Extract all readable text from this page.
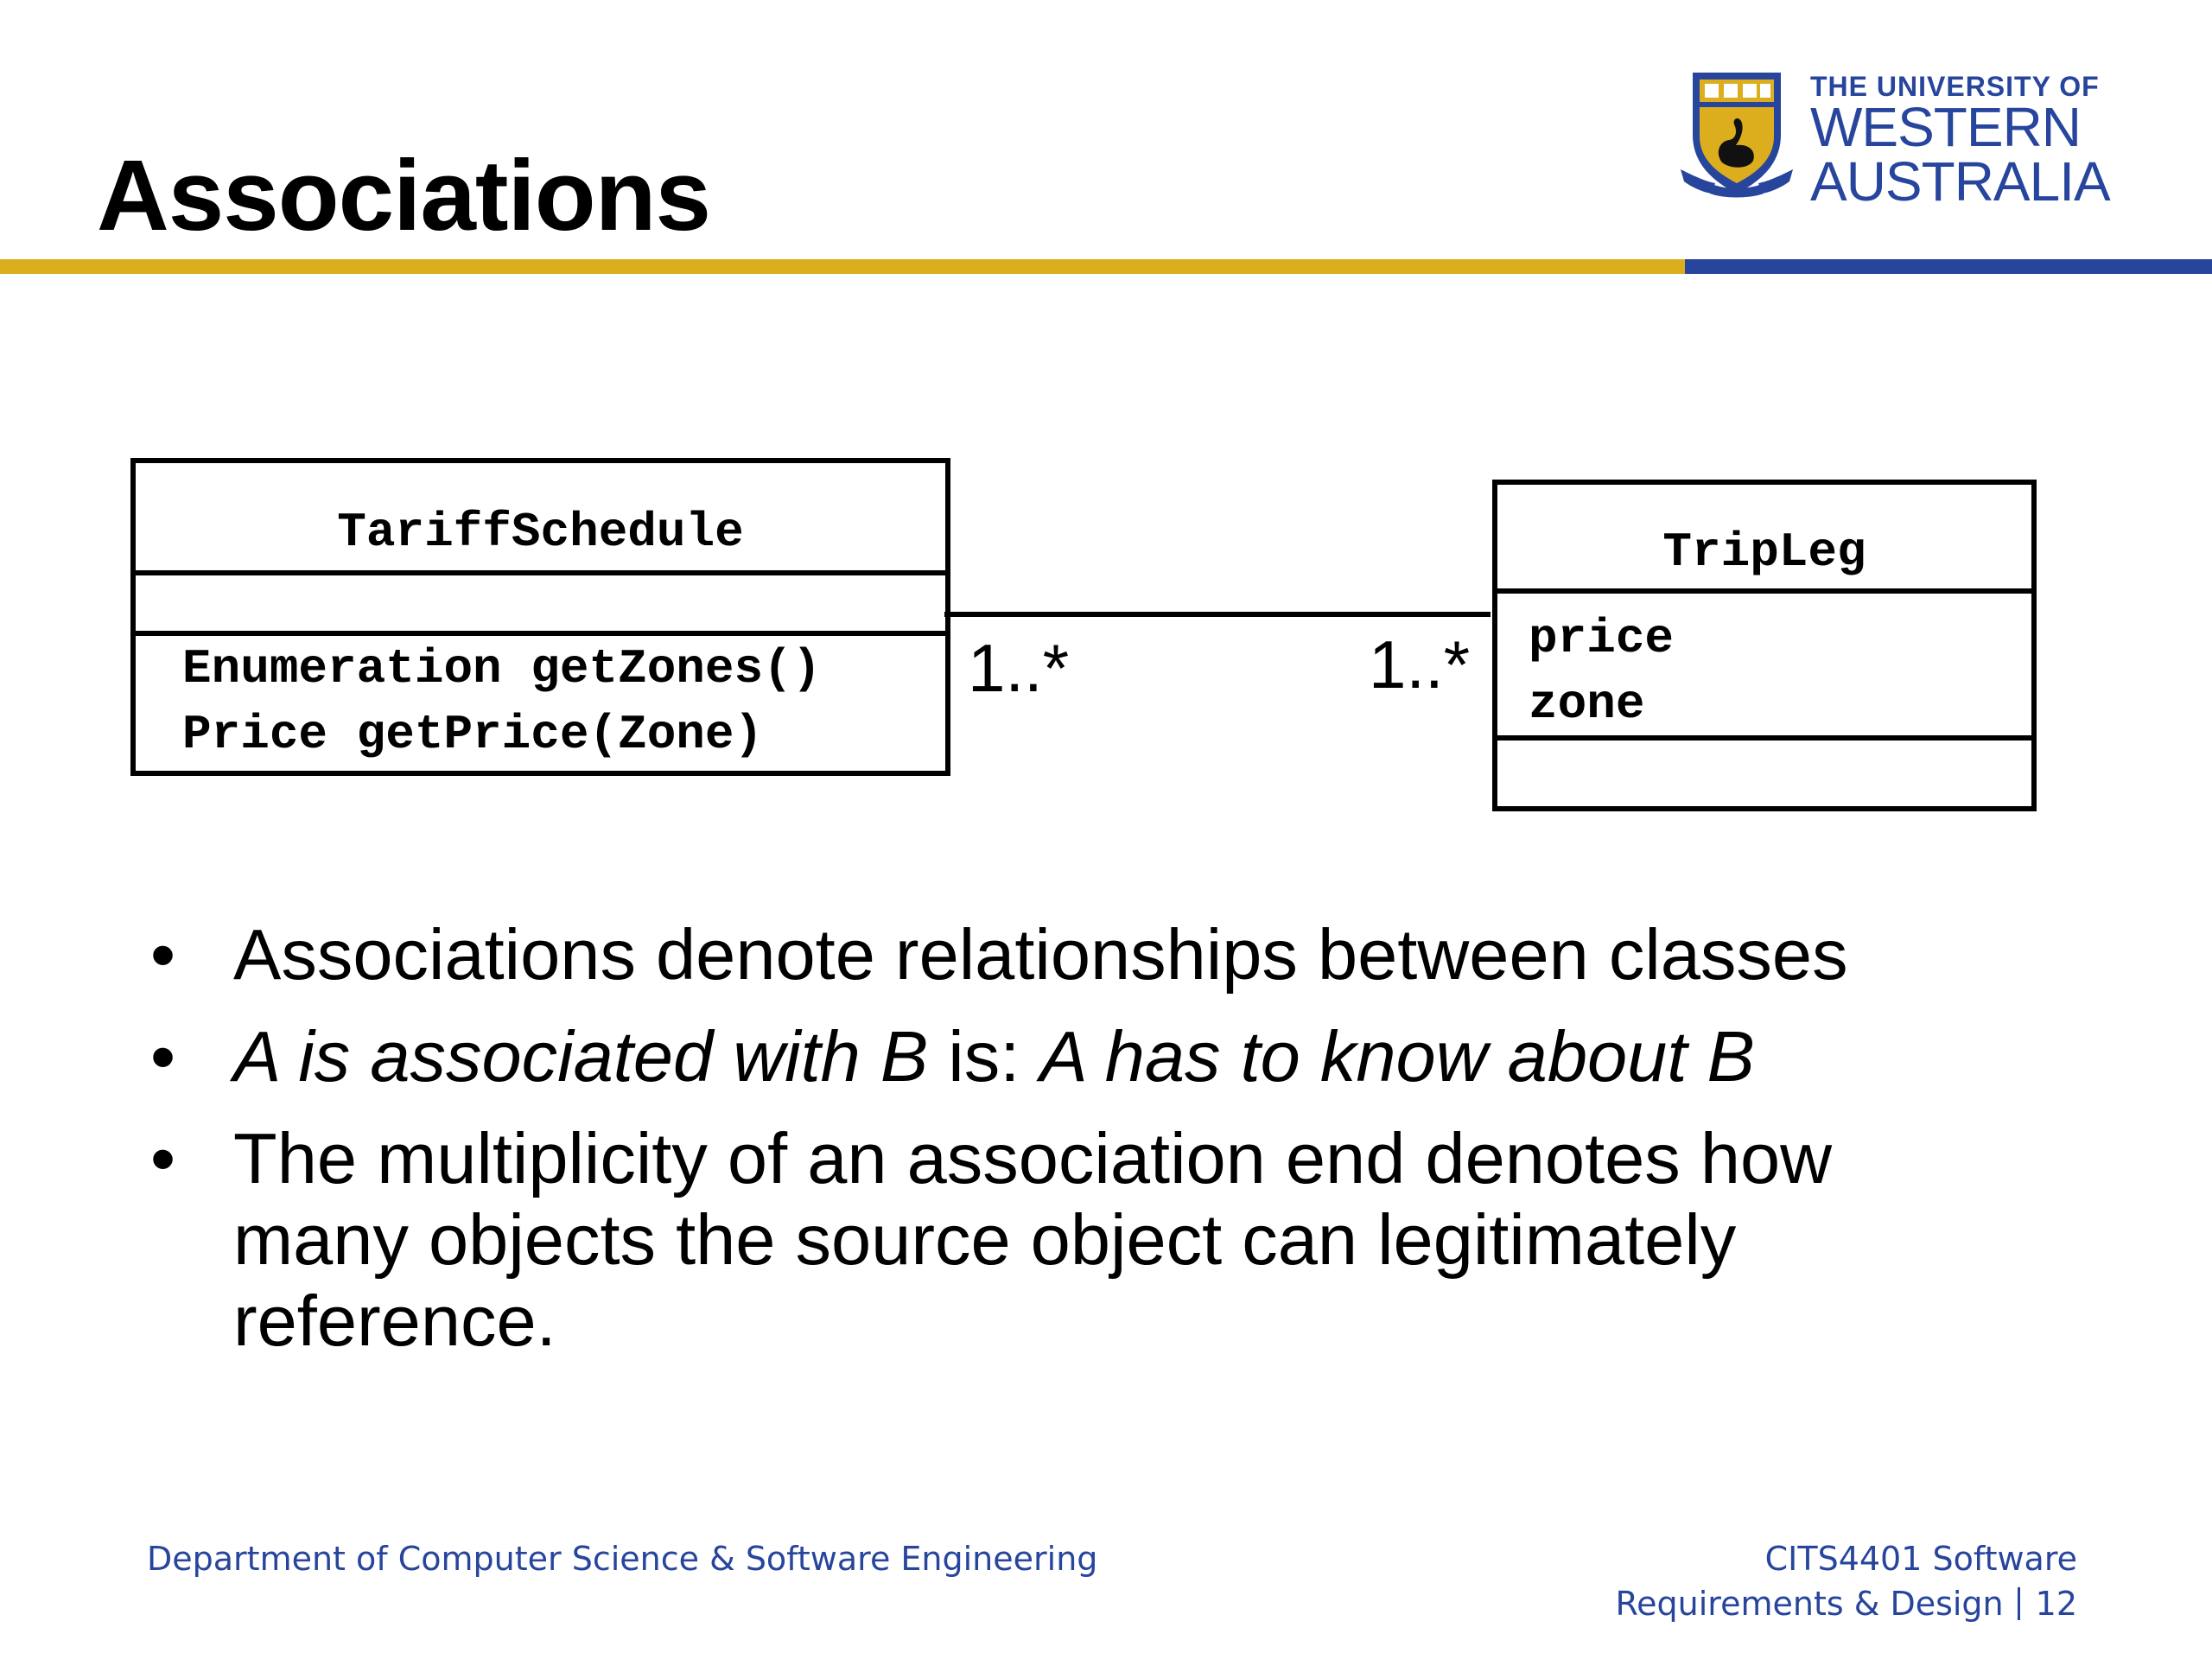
Associations
THE UNIVERSITY OF
WESTERN
AUSTRALIA
TariffSchedule
Enumeration getZones()
Price getPrice(Zone)
1..*	1..*
TripLeg
price
zone
• Associations denote relationships between classes
• A is associated with B is: A has to know about B
• The multiplicity of an association end denotes how many objects the source object can legitimately reference.
Department of Computer Science & Software Engineering	CITS4401 Software
Requirements & Design 12
